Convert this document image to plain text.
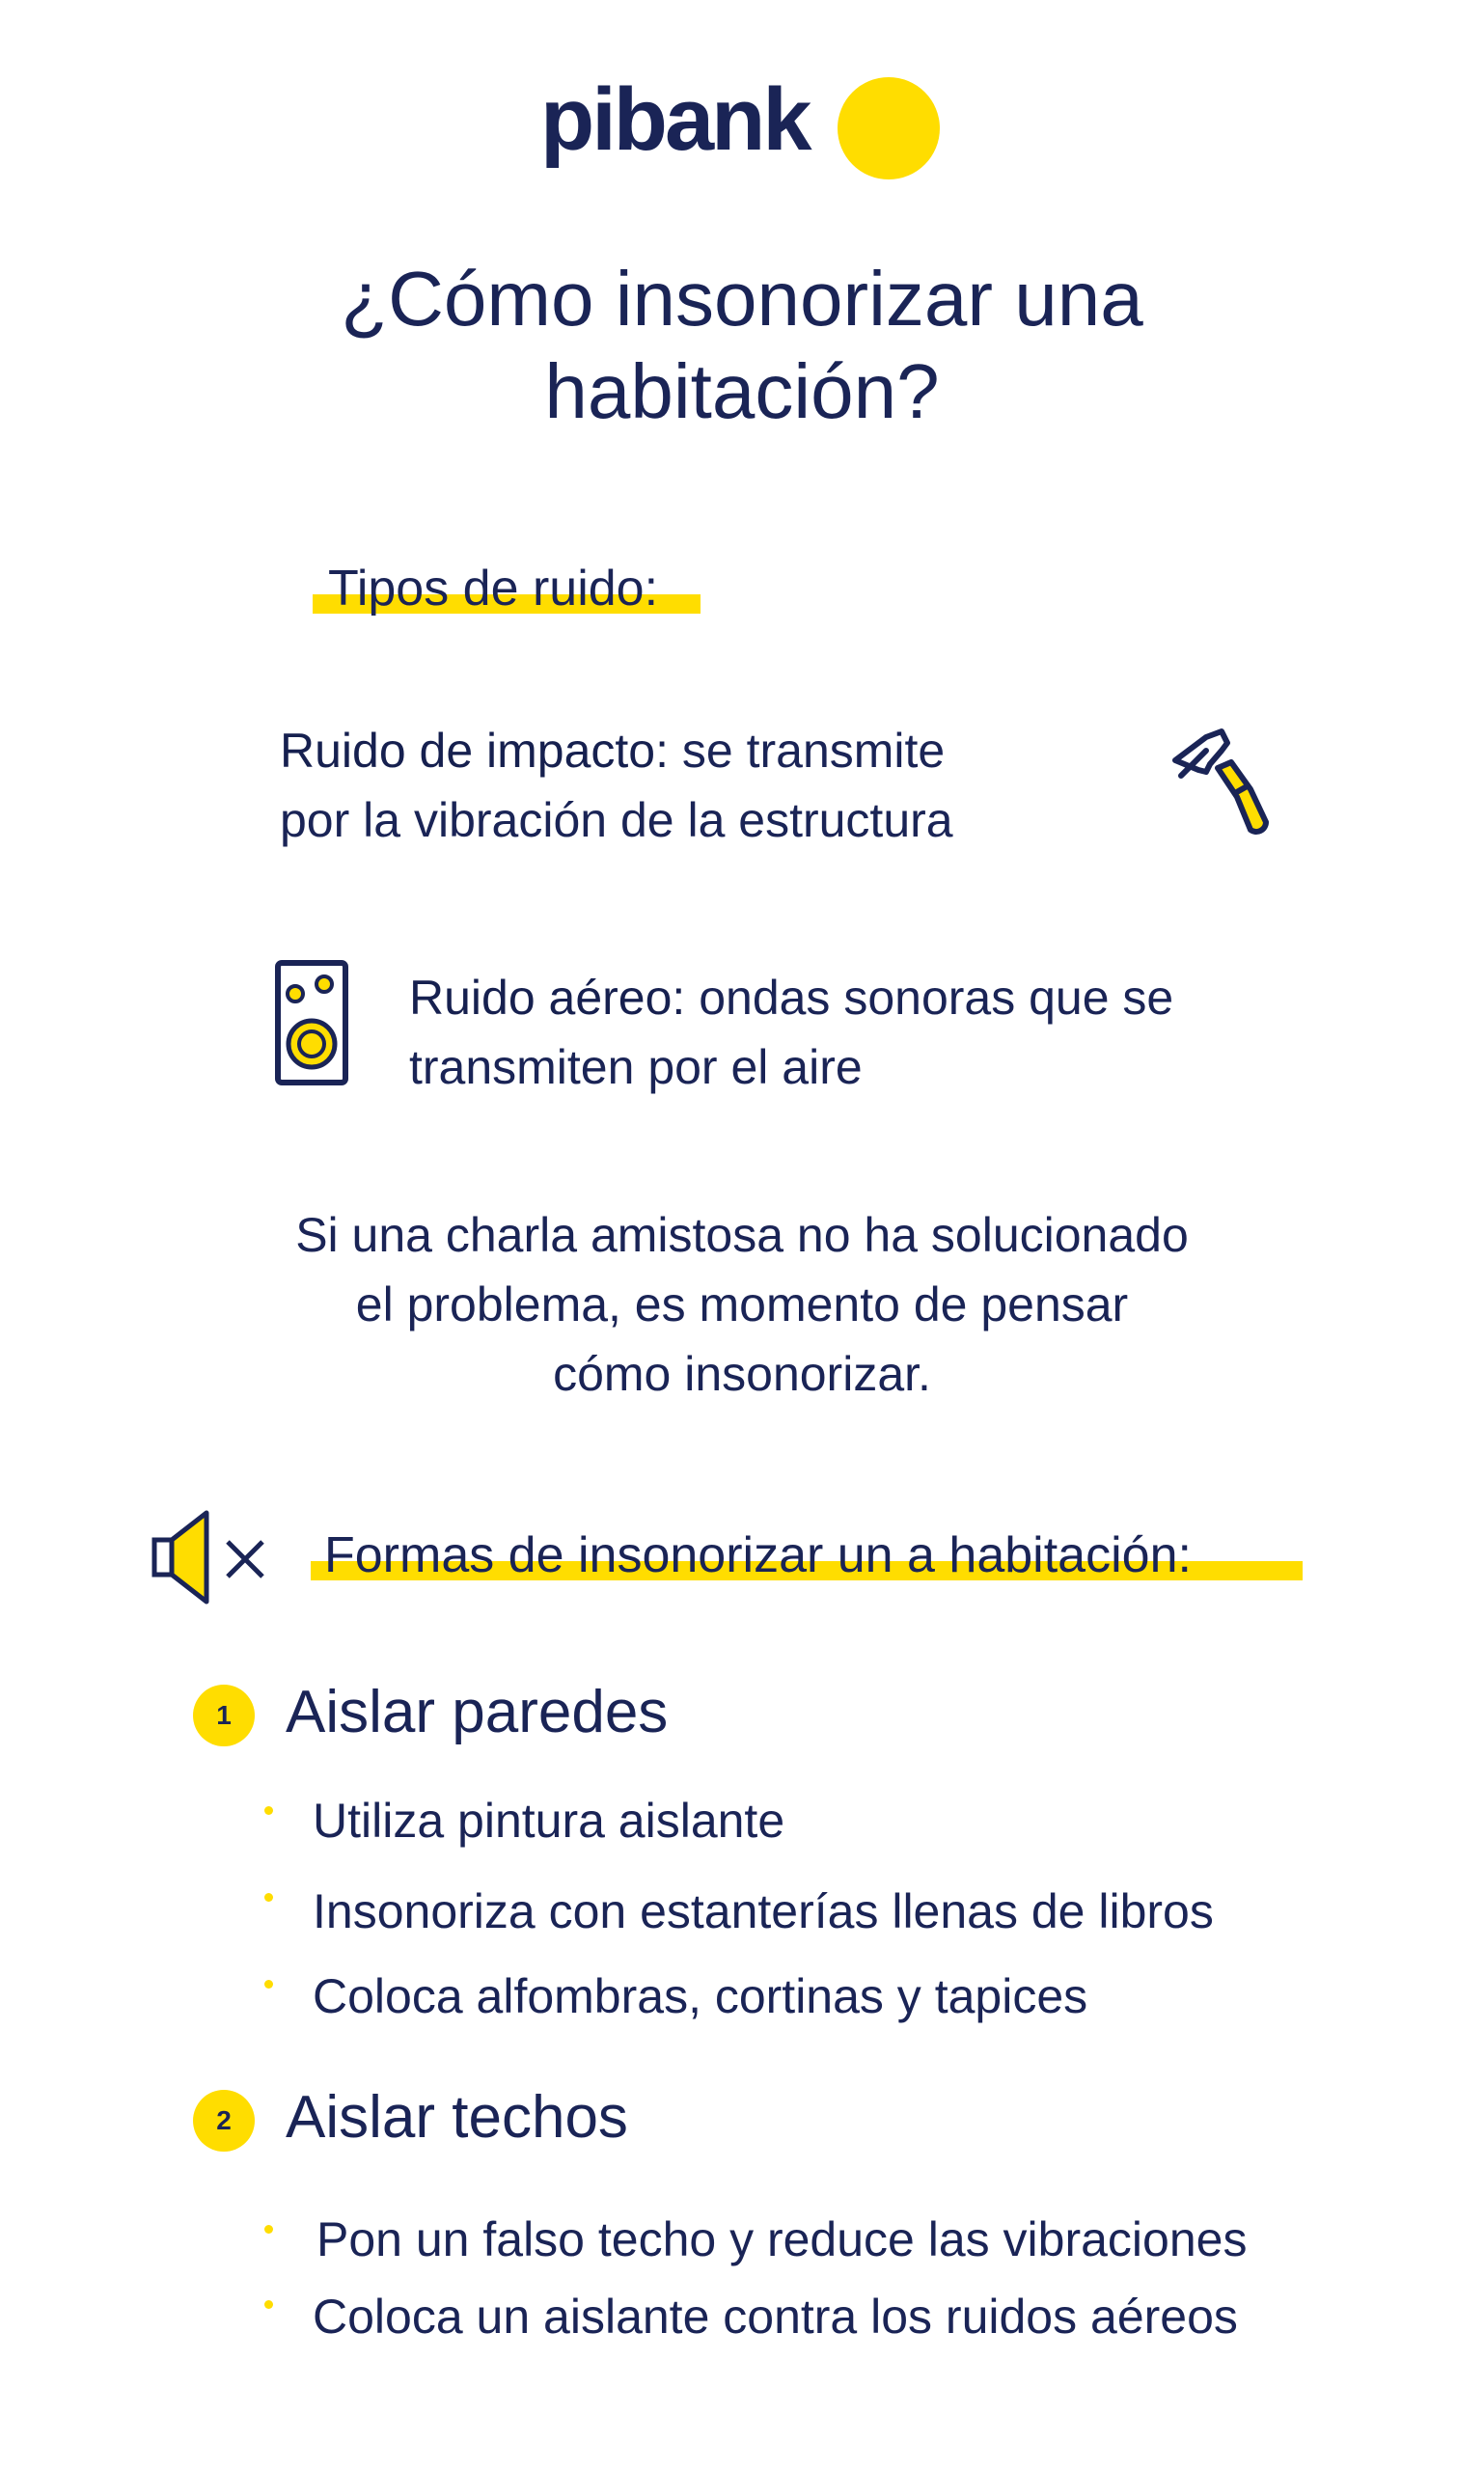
pibank
¿Cómo insonorizar una
habitación?
Tipos de ruido:
Ruido de impacto: se transmite
por la vibración de la estructura
Ruido aéreo: ondas sonoras que se
transmiten por el aire
Si una charla amistosa no ha solucionado
el problema, es momento de pensar
cómo insonorizar.
Formas de insonorizar un a habitación:
1 Aislar paredes
Utiliza pintura aislante
Insonoriza con estanterías llenas de libros
Coloca alfombras, cortinas y tapices
2 Aislar techos
Pon un falso techo y reduce las vibraciones
Coloca un aislante contra los ruidos aéreos
